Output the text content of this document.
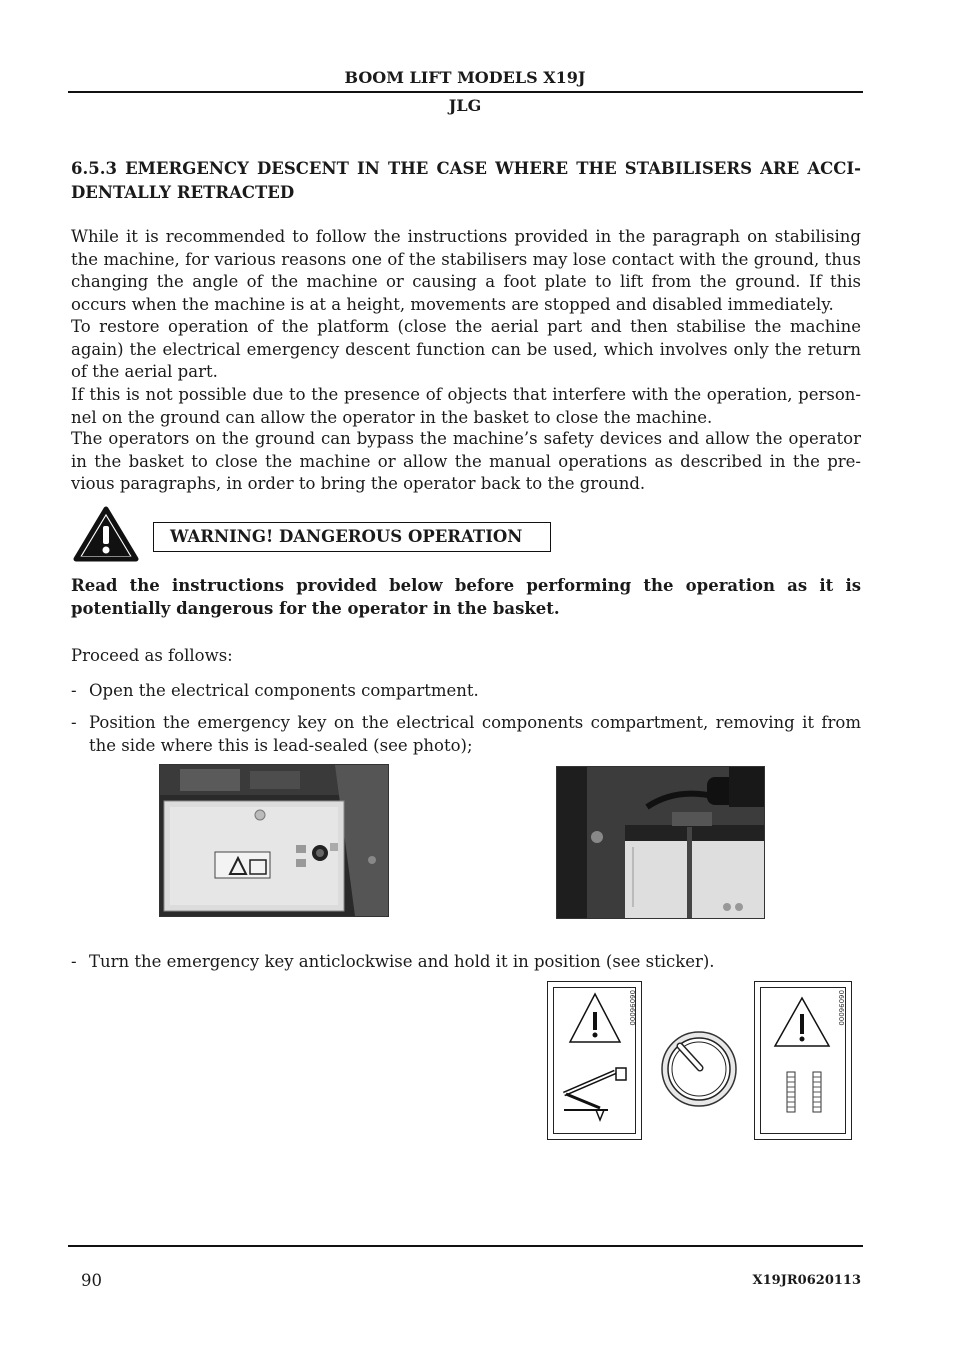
BOOM LIFT MODELS X19J
JLG
6.5.3 EMERGENCY DESCENT IN THE CASE WHERE THE STABILISERS ARE ACCI-DENTALLY RETRACTED
While it is recommended to follow the instructions provided in the paragraph on stabilising the machine, for various reasons one of the stabilisers may lose contact with the ground, thus changing the angle of the machine or causing a foot plate to lift from the ground. If this occurs when the machine is at a height, movements are stopped and disabled immediately.
To restore operation of the platform (close the aerial part and then stabilise the machine again) the electrical emergency descent function can be used, which involves only the return of the aerial part.
If this is not possible due to the presence of objects that interfere with the operation, person-nel on the ground can allow the operator in the basket to close the machine.
The operators on the ground can bypass the machine’s safety devices and allow the operator in the basket to close the machine or allow the manual operations as described in the pre-vious paragraphs, in order to bring the operator back to the ground.
WARNING! DANGEROUS OPERATION
Read the instructions provided below before performing the operation as it is potentially dangerous for the operator in the basket.
Proceed as follows:
- Open the electrical components compartment.
- Position the emergency key on the electrical components compartment, removing it from the side where this is lead-sealed (see photo);
- Turn the emergency key anticlockwise and hold it in position (see sticker).
06096000	06096000
90	X19JR0620113
